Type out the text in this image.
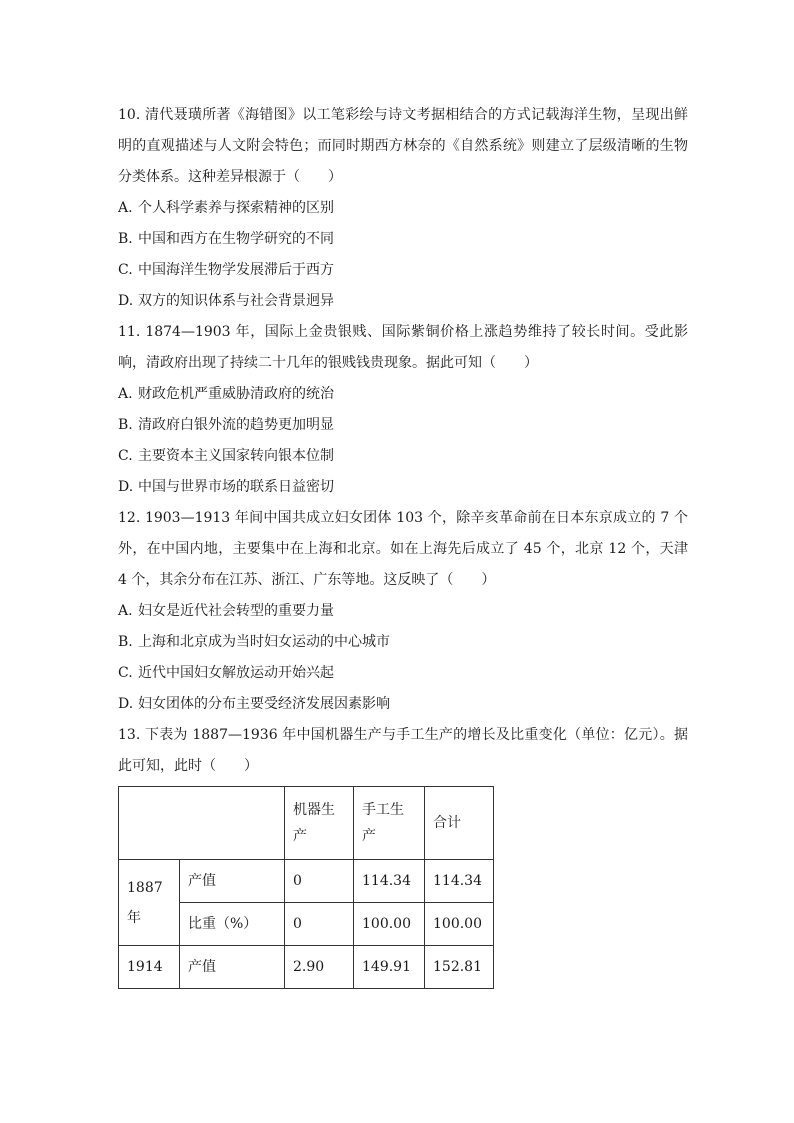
10. 清代聂璜所著《海错图》以工笔彩绘与诗文考据相结合的方式记载海洋生物，呈现出鲜明的直观描述与人文附会特色；而同时期西方林奈的《自然系统》则建立了层级清晰的生物分类体系。这种差异根源于（　　）

A. 个人科学素养与探索精神的区别

B. 中国和西方在生物学研究的不同

C. 中国海洋生物学发展滞后于西方

D. 双方的知识体系与社会背景迥异

11. 1874—1903 年，国际上金贵银贱、国际紫铜价格上涨趋势维持了较长时间。受此影响，清政府出现了持续二十几年的银贱钱贵现象。据此可知（　　）

A. 财政危机严重威胁清政府的统治

B. 清政府白银外流的趋势更加明显

C. 主要资本主义国家转向银本位制

D. 中国与世界市场的联系日益密切

12. 1903—1913 年间中国共成立妇女团体 103 个，除辛亥革命前在日本东京成立的 7 个外，在中国内地，主要集中在上海和北京。如在上海先后成立了 45 个，北京 12 个，天津 4 个，其余分布在江苏、浙江、广东等地。这反映了（　　）

A. 妇女是近代社会转型的重要力量

B. 上海和北京成为当时妇女运动的中心城市

C. 近代中国妇女解放运动开始兴起

D. 妇女团体的分布主要受经济发展因素影响

13. 下表为 1887—1936 年中国机器生产与手工生产的增长及比重变化（单位：亿元）。据此可知，此时（　　）

		机器生产	手工生产	合计
1887 年	产值	0	114.34	114.34
	比重（%）	0	100.00	100.00
1914	产值	2.90	149.91	152.81
